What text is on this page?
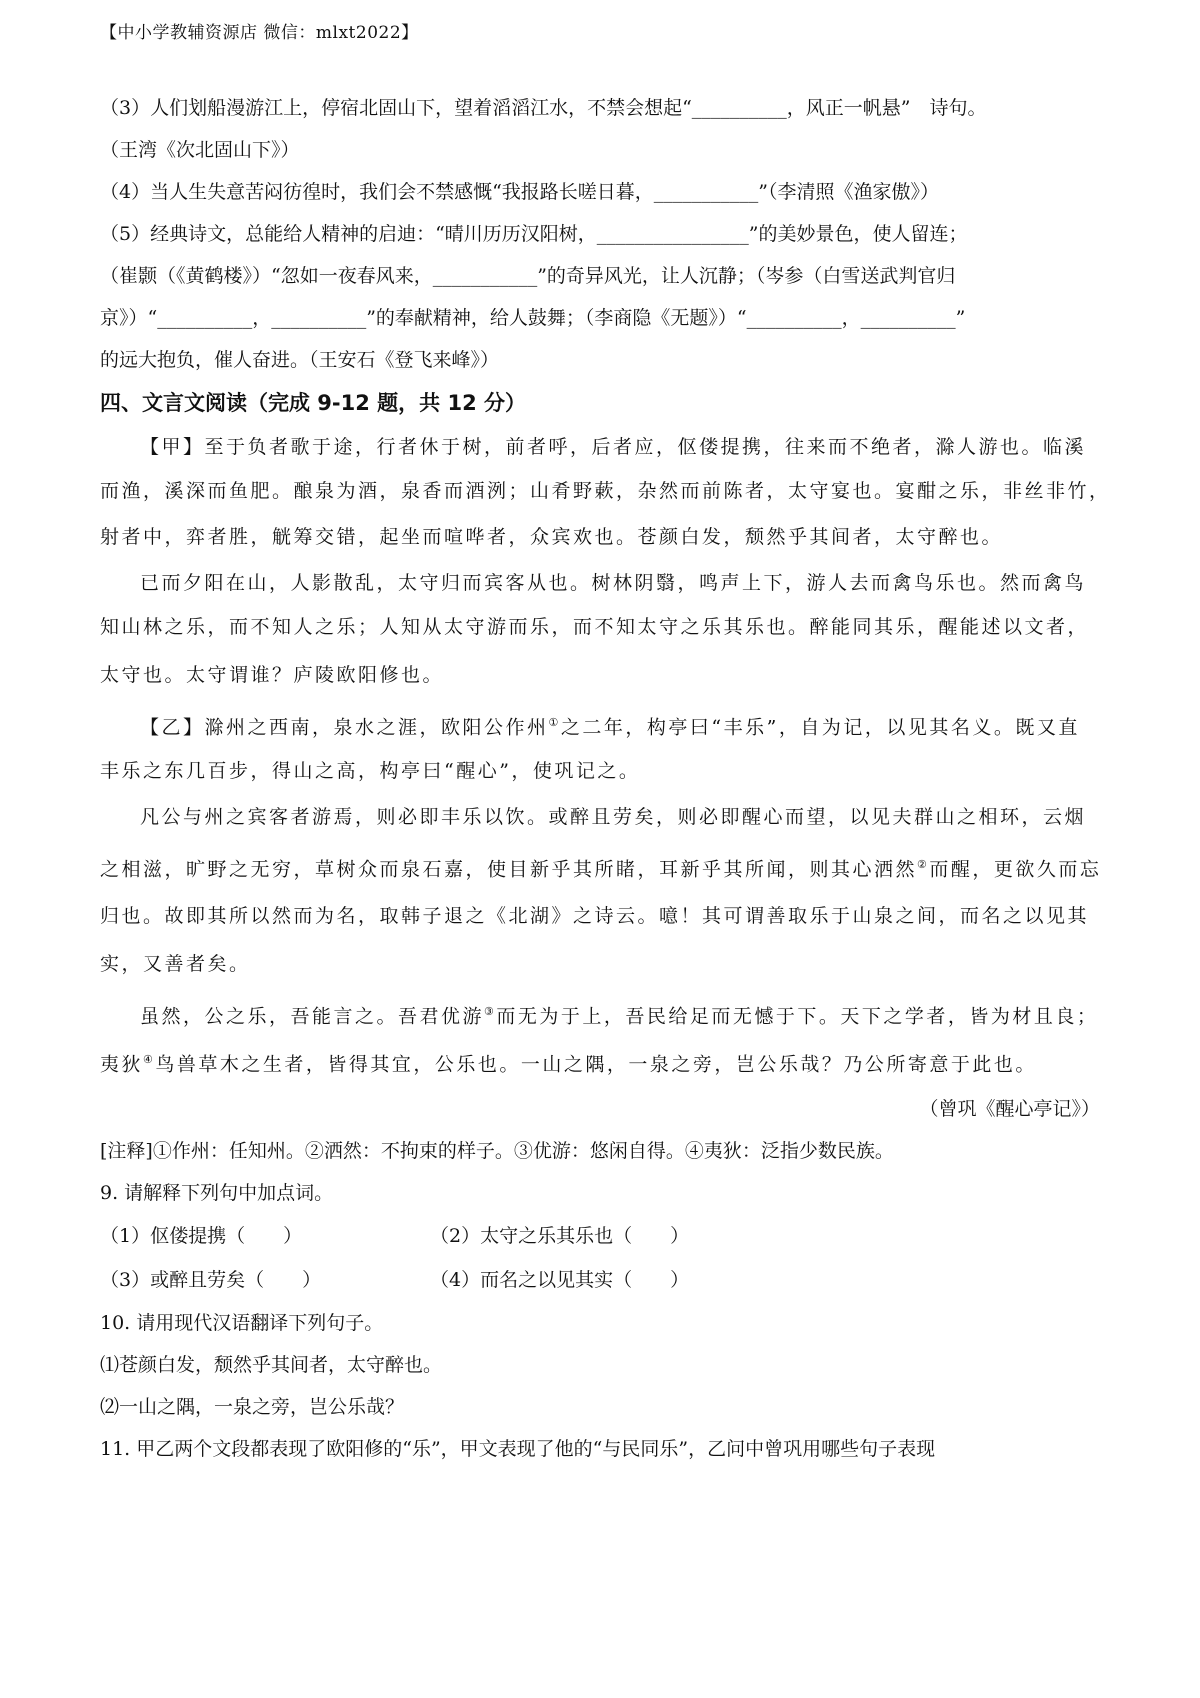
【中小学教辅资源店 微信：mlxt2022】
（3）人们划船漫游江上，停宿北固山下，望着滔滔江水，不禁会想起“__________，风正一帆悬”　诗句。
（王湾《次北固山下》）
（4）当人生失意苦闷彷徨时，我们会不禁感慨“我报路长嗟日暮，___________”（李清照《渔家傲》）
（5）经典诗文，总能给人精神的启迪：“晴川历历汉阳树，________________”的美妙景色，使人留连；
（崔颢（《黄鹤楼》）“忽如一夜春风来，___________”的奇异风光，让人沉静；（岑参（白雪送武判官归
京》）“__________，__________”的奉献精神，给人鼓舞；（李商隐《无题》）“__________，__________”
的远大抱负，催人奋进。（王安石《登飞来峰》）
四、文言文阅读（完成 9-12 题，共 12 分）
【甲】至于负者歌于途，行者休于树，前者呼，后者应，伛偻提携，往来而不绝者，滁人游也。临溪
而渔，溪深而鱼肥。酿泉为酒，泉香而酒洌；山肴野蔌，杂然而前陈者，太守宴也。宴酣之乐，非丝非竹，
射者中，弈者胜，觥筹交错，起坐而喧哗者，众宾欢也。苍颜白发，颓然乎其间者，太守醉也。
已而夕阳在山，人影散乱，太守归而宾客从也。树林阴翳，鸣声上下，游人去而禽鸟乐也。然而禽鸟
知山林之乐，而不知人之乐；人知从太守游而乐，而不知太守之乐其乐也。醉能同其乐，醒能述以文者，
太守也。太守谓谁？庐陵欧阳修也。
【乙】滁州之西南，泉水之涯，欧阳公作州①之二年，构亭曰“丰乐”，自为记，以见其名义。既又直
丰乐之东几百步，得山之高，构亭曰“醒心”，使巩记之。
凡公与州之宾客者游焉，则必即丰乐以饮。或醉且劳矣，则必即醒心而望，以见夫群山之相环，云烟
之相滋，旷野之无穷，草树众而泉石嘉，使目新乎其所睹，耳新乎其所闻，则其心洒然②而醒，更欲久而忘
归也。故即其所以然而为名，取韩子退之《北湖》之诗云。噫！其可谓善取乐于山泉之间，而名之以见其
实，又善者矣。
虽然，公之乐，吾能言之。吾君优游③而无为于上，吾民给足而无憾于下。天下之学者，皆为材且良；
夷狄④鸟兽草木之生者，皆得其宜，公乐也。一山之隅，一泉之旁，岂公乐哉？乃公所寄意于此也。
（曾巩《醒心亭记》）
[注释]①作州：任知州。②洒然：不拘束的样子。③优游：悠闲自得。④夷狄：泛指少数民族。
9. 请解释下列句中加点词。
（1）伛偻提携（　　）	（2）太守之乐其乐也（　　）
（3）或醉且劳矣（　　）	（4）而名之以见其实（　　）
10. 请用现代汉语翻译下列句子。
⑴苍颜白发，颓然乎其间者，太守醉也。
⑵一山之隅，一泉之旁，岂公乐哉？
11. 甲乙两个文段都表现了欧阳修的“乐”，甲文表现了他的“与民同乐”，乙问中曾巩用哪些句子表现
